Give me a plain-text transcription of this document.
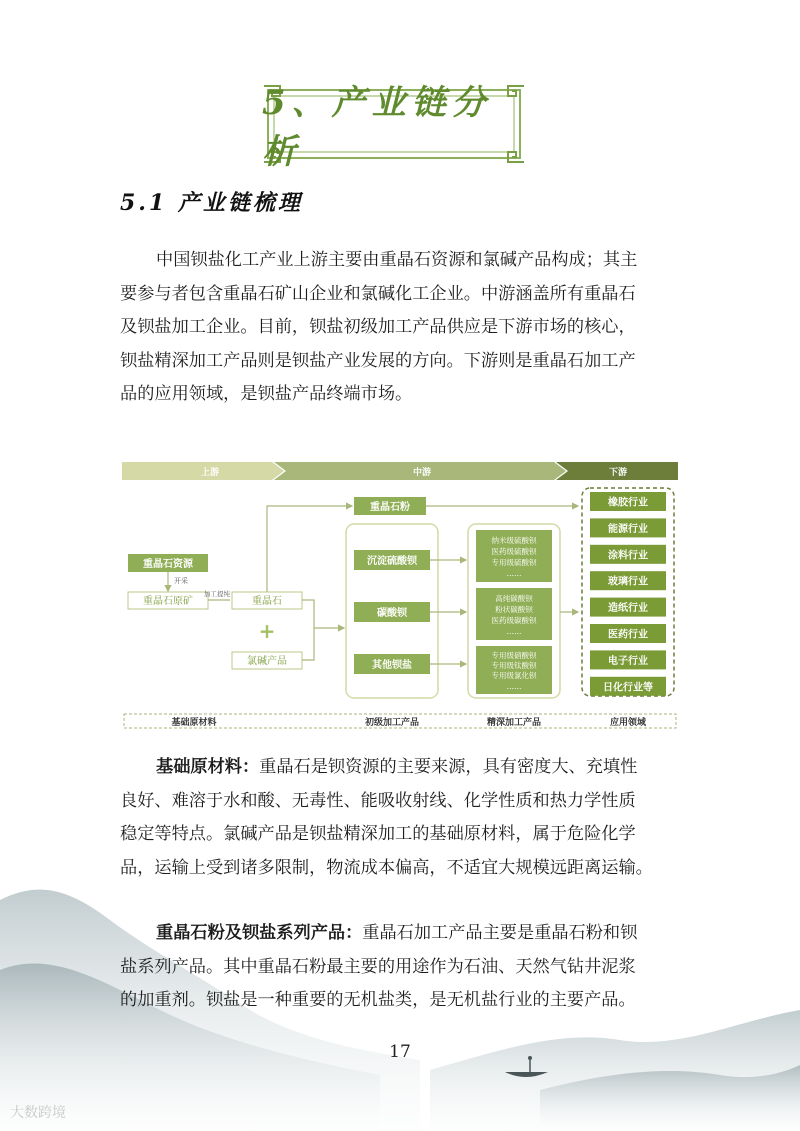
5、产业链分析
5.1 产业链梳理
中国钡盐化工产业上游主要由重晶石资源和氯碱产品构成；其主
要参与者包含重晶石矿山企业和氯碱化工企业。中游涵盖所有重晶石
及钡盐加工企业。目前，钡盐初级加工产品供应是下游市场的核心，
钡盐精深加工产品则是钡盐产业发展的方向。下游则是重晶石加工产
品的应用领域，是钡盐产品终端市场。
上游	中游	下游
重晶石资源
开采
重晶石原矿
加工提纯
重晶石
+
氯碱产品
重晶石粉
沉淀硫酸钡
碳酸钡
其他钡盐
纳米级硫酸钡
医药级硫酸钡
专用级硫酸钡
……
高纯碳酸钡
粉状碳酸钡
医药级碳酸钡
……
专用级硝酸钡
专用级钛酸钡
专用级氯化钡
……
橡胶行业
能源行业
涂料行业
玻璃行业
造纸行业
医药行业
电子行业
日化行业等
基础原材料	初级加工产品	精深加工产品	应用领域
基础原材料：重晶石是钡资源的主要来源，具有密度大、充填性
良好、难溶于水和酸、无毒性、能吸收射线、化学性质和热力学性质
稳定等特点。氯碱产品是钡盐精深加工的基础原材料，属于危险化学
品，运输上受到诸多限制，物流成本偏高，不适宜大规模远距离运输。
重晶石粉及钡盐系列产品：重晶石加工产品主要是重晶石粉和钡
盐系列产品。其中重晶石粉最主要的用途作为石油、天然气钻井泥浆
的加重剂。钡盐是一种重要的无机盐类，是无机盐行业的主要产品。
17
大数跨境
